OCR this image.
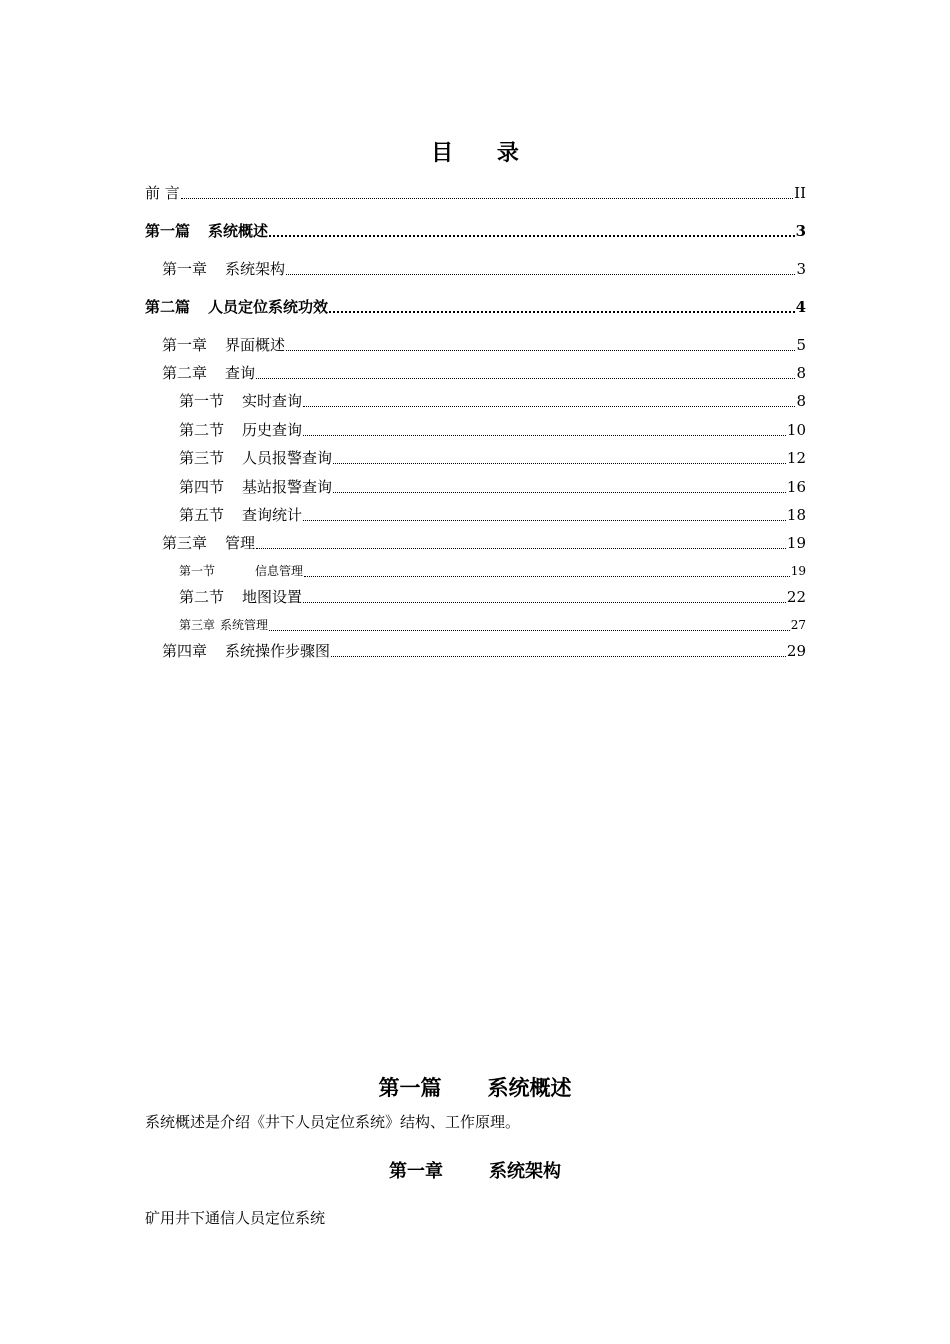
目 录
前 言	II
第一篇 系统概述	3
第一章 系统架构	3
第二篇 人员定位系统功效	4
第一章 界面概述	5
第二章 查询	8
第一节 实时查询	8
第二节 历史查询	10
第三节 人员报警查询	12
第四节 基站报警查询	16
第五节 查询统计	18
第三章 管理	19
第一节	信息管理	19
第二节 地图设置	22
第三章 系统管理	27
第四章 系统操作步骤图	29
第一篇 系统概述
系统概述是介绍《井下人员定位系统》结构、工作原理。
第一章	系统架构
矿用井下通信人员定位系统
